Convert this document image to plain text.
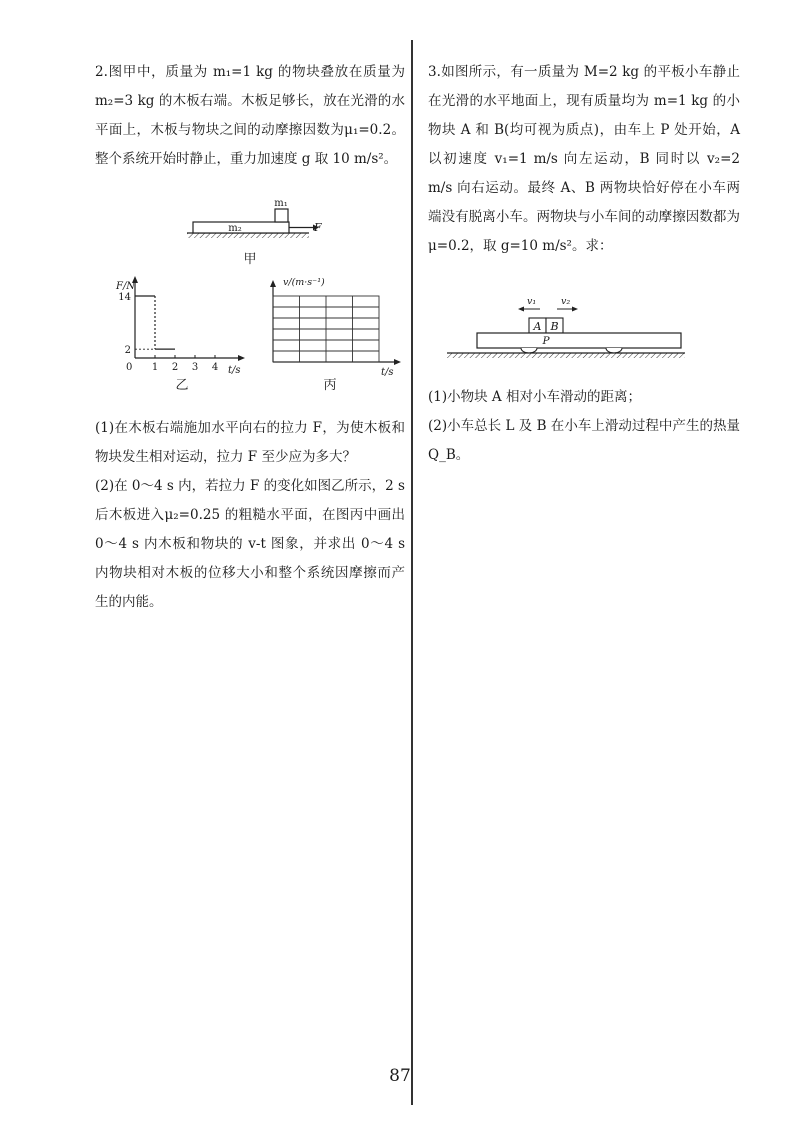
2.图甲中，质量为 m₁=1 kg 的物块叠放在质量为 m₂=3 kg 的木板右端。木板足够长，放在光滑的水平面上，木板与物块之间的动摩擦因数为μ₁=0.2。整个系统开始时静止，重力加速度 g 取 10 m/s²。

m₁
m₂	F
甲
F/N
t/s
0
2
14
1 2 3 4
乙
v/(m·s⁻¹)
t/s
丙

(1)在木板右端施加水平向右的拉力 F，为使木板和物块发生相对运动，拉力 F 至少应为多大？

(2)在 0～4 s 内，若拉力 F 的变化如图乙所示，2 s 后木板进入μ₂=0.25 的粗糙水平面，在图丙中画出 0～4 s 内木板和物块的 v-t 图象，并求出 0～4 s 内物块相对木板的位移大小和整个系统因摩擦而产生的内能。

3.如图所示，有一质量为 M=2 kg 的平板小车静止在光滑的水平地面上，现有质量均为 m=1 kg 的小物块 A 和 B(均可视为质点)，由车上 P 处开始，A 以初速度 v₁=1 m/s 向左运动，B 同时以 v₂=2 m/s 向右运动。最终 A、B 两物块恰好停在小车两端没有脱离小车。两物块与小车间的动摩擦因数都为μ=0.2，取 g=10 m/s²。求：

v₁	v₂
A B
P

(1)小物块 A 相对小车滑动的距离；

(2)小车总长 L 及 B 在小车上滑动过程中产生的热量 Q_B。

87
